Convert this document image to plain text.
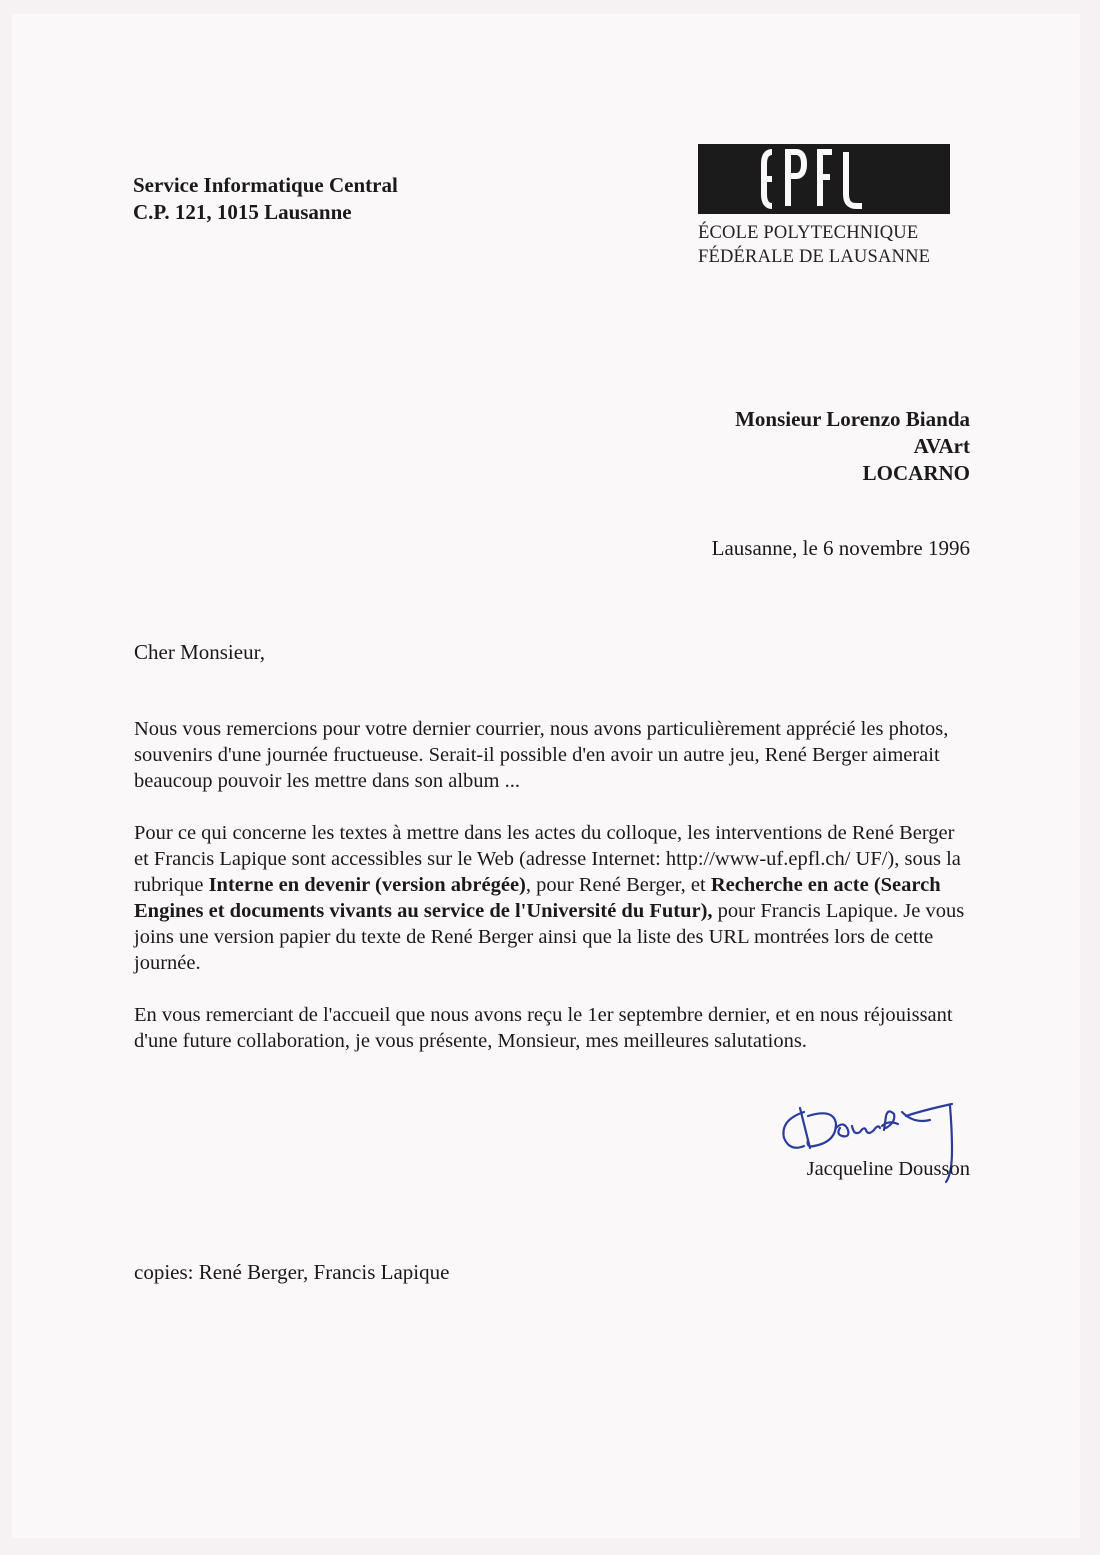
Service Informatique Central
C.P. 121, 1015 Lausanne
ÉCOLE POLYTECHNIQUE
FÉDÉRALE DE LAUSANNE
Monsieur Lorenzo Bianda
AVArt
LOCARNO
Lausanne, le 6 novembre 1996
Cher Monsieur,

Nous vous remercions pour votre dernier courrier, nous avons particulièrement apprécié les photos, souvenirs d'une journée fructueuse. Serait-il possible d'en avoir un autre jeu, René Berger aimerait beaucoup pouvoir les mettre dans son album ...

Pour ce qui concerne les textes à mettre dans les actes du colloque, les interventions de René Berger et Francis Lapique sont accessibles sur le Web (adresse Internet: http://www-uf.epfl.ch/ UF/), sous la rubrique Interne en devenir (version abrégée), pour René Berger, et Recherche en acte (Search Engines et documents vivants au service de l'Université du Futur), pour Francis Lapique. Je vous joins une version papier du texte de René Berger ainsi que la liste des URL montrées lors de cette journée.

En vous remerciant de l'accueil que nous avons reçu le 1er septembre dernier, et en nous réjouissant d'une future collaboration, je vous présente, Monsieur, mes meilleures salutations.

Jacqueline Dousson
copies: René Berger, Francis Lapique
